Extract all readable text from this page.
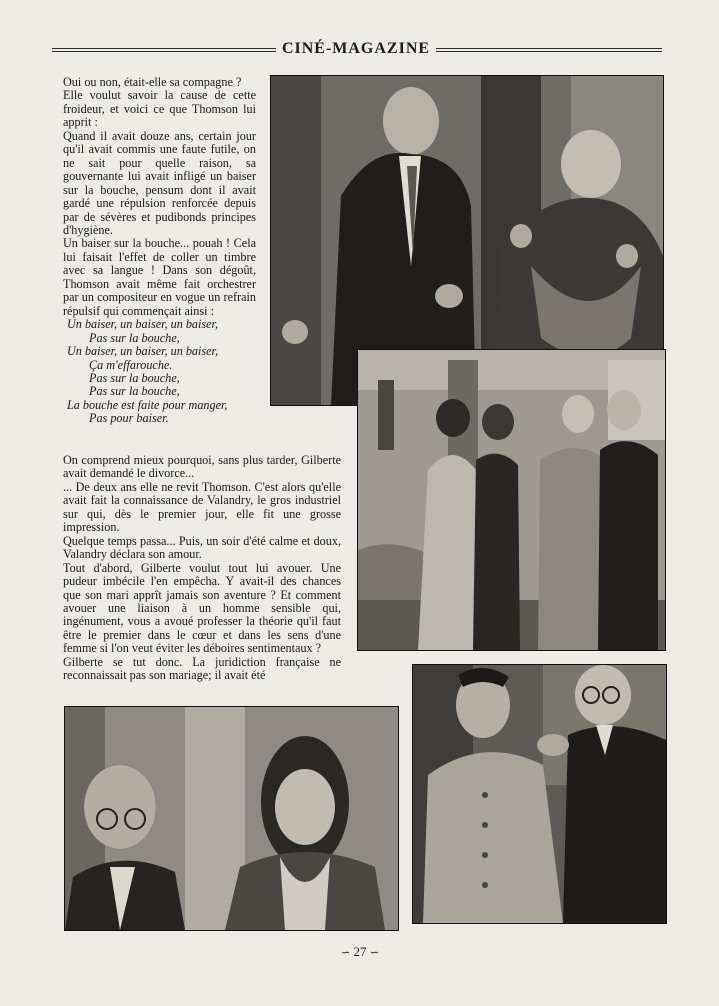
CINÉ-MAGAZINE

Oui ou non, était-elle sa compagne ?

Elle voulut savoir la cause de cette froideur, et voici ce que Thomson lui apprit :

Quand il avait douze ans, certain jour qu'il avait commis une faute futile, on ne sait pour quelle raison, sa gouvernante lui avait infligé un baiser sur la bouche, pensum dont il avait gardé une répulsion renforcée depuis par de sévères et pudibonds principes d'hygiène.

Un baiser sur la bouche... pouah ! Cela lui faisait l'effet de coller un timbre avec sa langue ! Dans son dégoût, Thomson avait même fait orchestrer par un compositeur en vogue un refrain répulsif qui commençait ainsi :

Un baiser, un baiser, un baiser,
Pas sur la bouche,
Un baiser, un baiser, un baiser,
Ça m'effarouche.
Pas sur la bouche,
Pas sur la bouche,
La bouche est faite pour manger,
Pas pour baiser.

On comprend mieux pourquoi, sans plus tarder, Gilberte avait demandé le divorce...

... De deux ans elle ne revit Thomson. C'est alors qu'elle avait fait la connaissance de Valandry, le gros industriel sur qui, dès le premier jour, elle fit une grosse impression.

Quelque temps passa... Puis, un soir d'été calme et doux, Valandry déclara son amour.

Tout d'abord, Gilberte voulut tout lui avouer. Une pudeur imbécile l'en empêcha. Y avait-il des chances que son mari apprît jamais son aventure ? Et comment avouer une liaison à un homme sensible qui, ingénument, vous a avoué professer la théorie qu'il faut être le premier dans le cœur et dans les sens d'une femme si l'on veut éviter les déboires sentimentaux ?

Gilberte se tut donc. La juridiction française ne reconnaissait pas son mariage; il avait été

∽ 27 ∽
